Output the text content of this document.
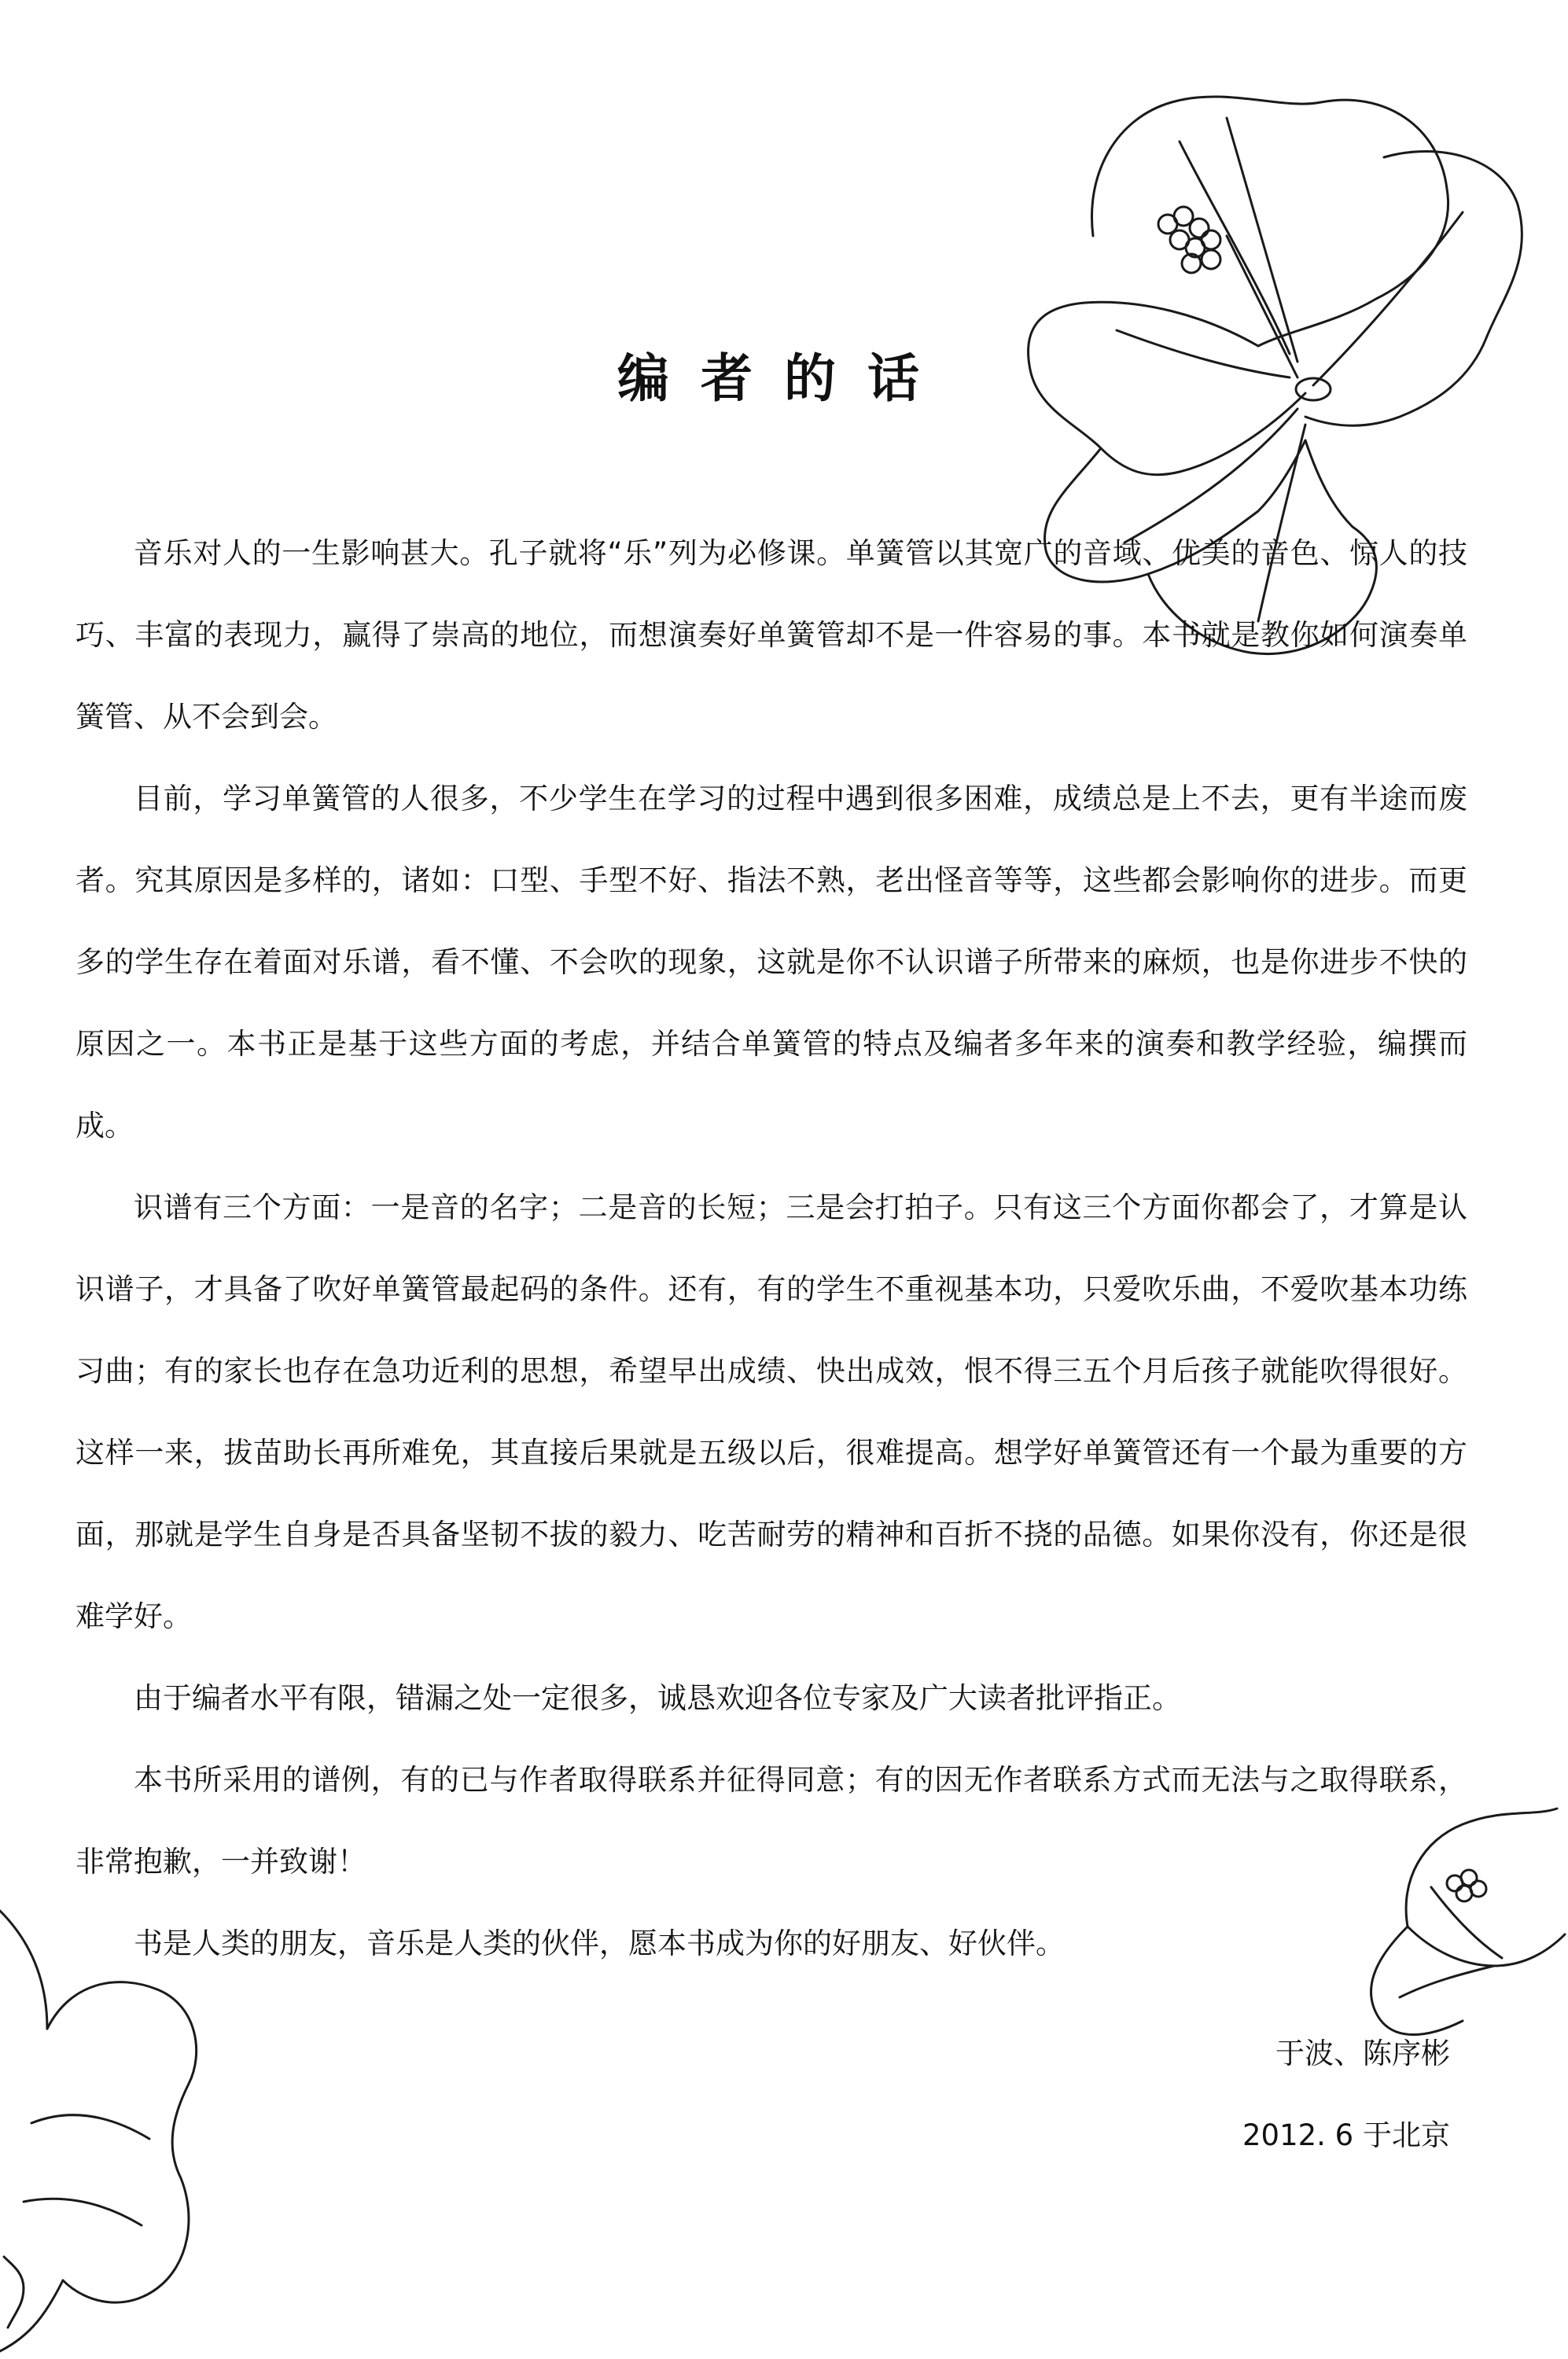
编者的话

音乐对人的一生影响甚大。孔子就将“乐”列为必修课。单簧管以其宽广的音域、优美的音色、惊人的技巧、丰富的表现力，赢得了崇高的地位，而想演奏好单簧管却不是一件容易的事。本书就是教你如何演奏单簧管、从不会到会。

目前，学习单簧管的人很多，不少学生在学习的过程中遇到很多困难，成绩总是上不去，更有半途而废者。究其原因是多样的，诸如：口型、手型不好、指法不熟，老出怪音等等，这些都会影响你的进步。而更多的学生存在着面对乐谱，看不懂、不会吹的现象，这就是你不认识谱子所带来的麻烦，也是你进步不快的原因之一。本书正是基于这些方面的考虑，并结合单簧管的特点及编者多年来的演奏和教学经验，编撰而成。

识谱有三个方面：一是音的名字；二是音的长短；三是会打拍子。只有这三个方面你都会了，才算是认识谱子，才具备了吹好单簧管最起码的条件。还有，有的学生不重视基本功，只爱吹乐曲，不爱吹基本功练习曲；有的家长也存在急功近利的思想，希望早出成绩、快出成效，恨不得三五个月后孩子就能吹得很好。这样一来，拔苗助长再所难免，其直接后果就是五级以后，很难提高。想学好单簧管还有一个最为重要的方面，那就是学生自身是否具备坚韧不拔的毅力、吃苦耐劳的精神和百折不挠的品德。如果你没有，你还是很难学好。

由于编者水平有限，错漏之处一定很多，诚恳欢迎各位专家及广大读者批评指正。

本书所采用的谱例，有的已与作者取得联系并征得同意；有的因无作者联系方式而无法与之取得联系，非常抱歉，一并致谢！

书是人类的朋友，音乐是人类的伙伴，愿本书成为你的好朋友、好伙伴。

于波、陈序彬
2012. 6 于北京
